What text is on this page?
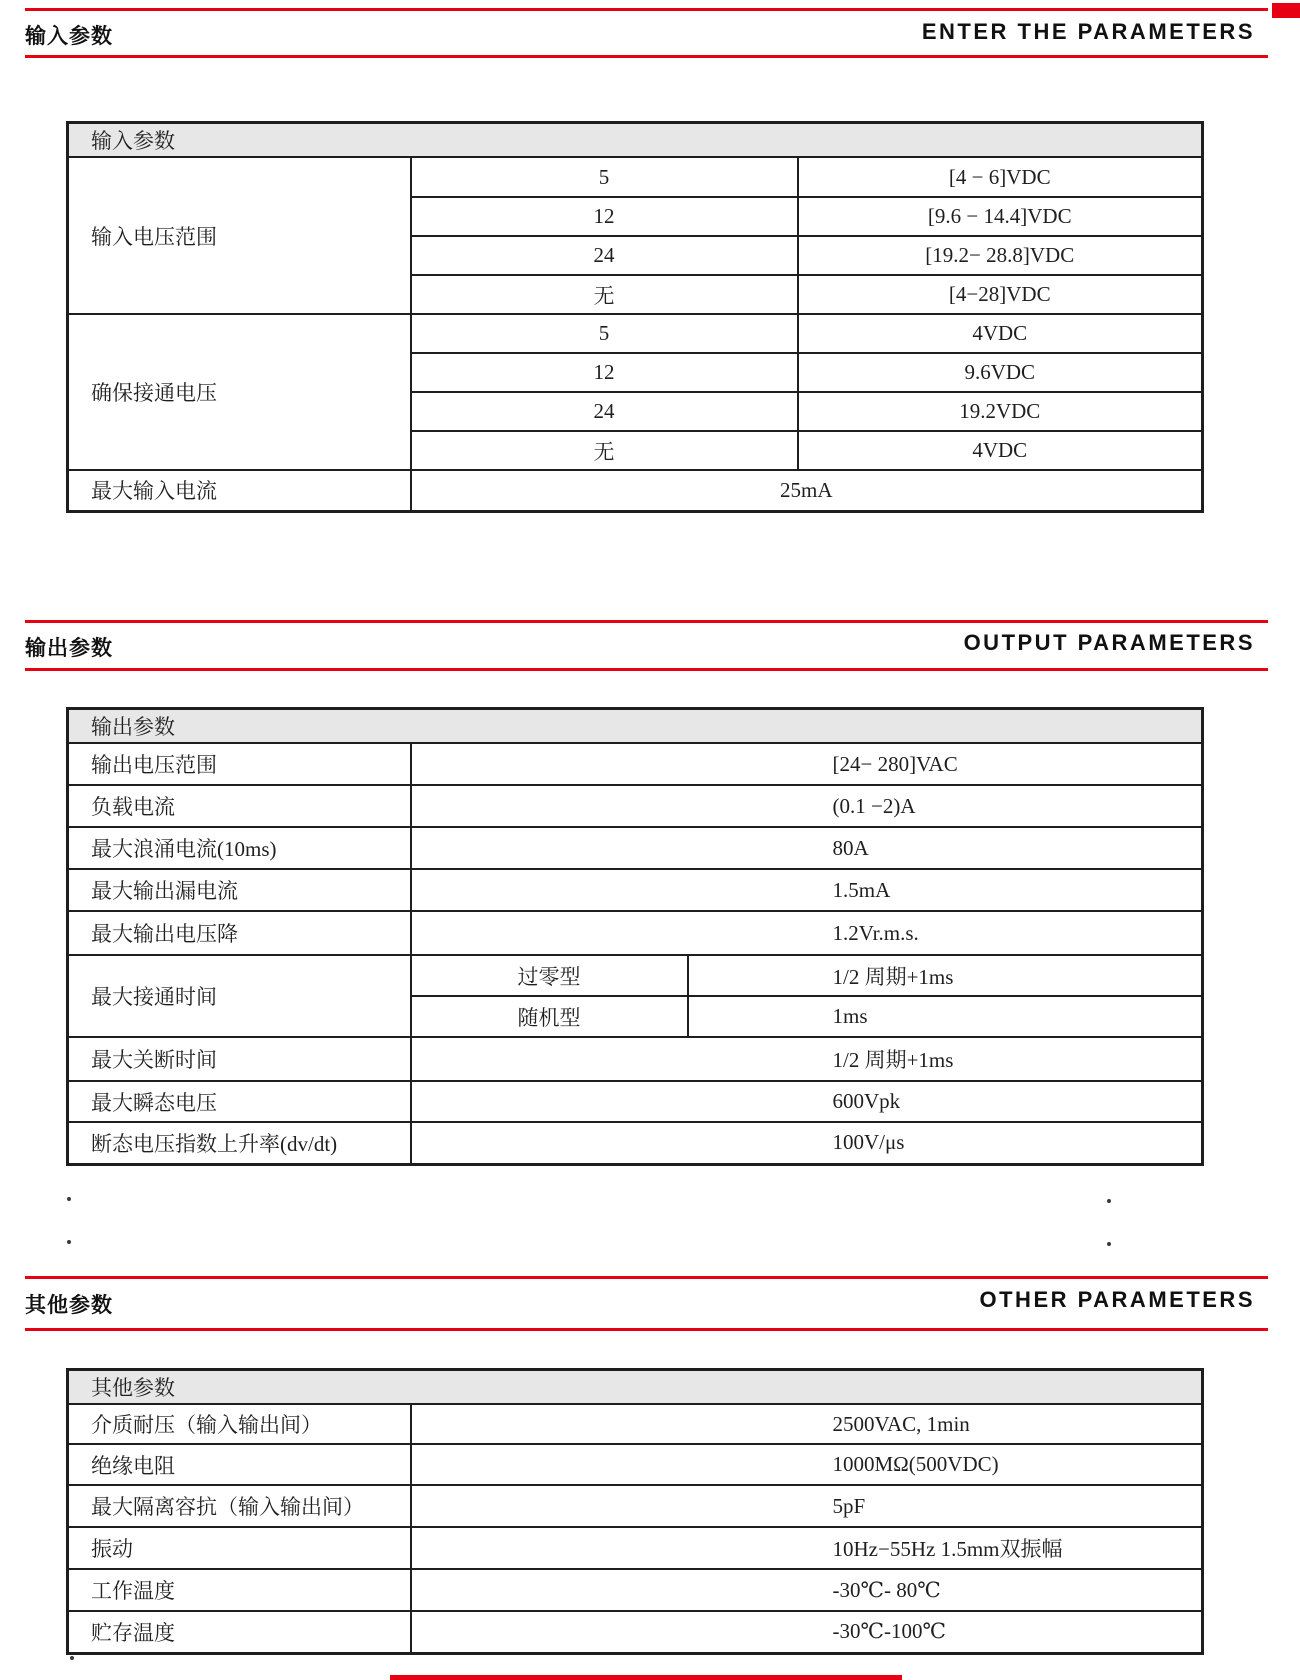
输入参数	ENTER THE PARAMETERS
输入参数		
输入电压范围	5	[4 − 6]VDC
	12	[9.6 − 14.4]VDC
	24	[19.2− 28.8]VDC
	无	[4−28]VDC
确保接通电压	5	4VDC
	12	9.6VDC
	24	19.2VDC
	无	4VDC
最大输入电流	25mA	
输出参数	OUTPUT PARAMETERS
输出参数		
输出电压范围	[24− 280]VAC	
负载电流	(0.1 −2)A	
最大浪涌电流(10ms)	80A	
最大输出漏电流	1.5mA	
最大输出电压降	1.2Vr.m.s.	
最大接通时间	过零型	1/2 周期+1ms
	随机型	1ms
最大关断时间	1/2 周期+1ms	
最大瞬态电压	600Vpk	
断态电压指数上升率(dv/dt)	100V/μs	
其他参数	OTHER PARAMETERS
其他参数	
介质耐压（输入输出间）	2500VAC, 1min
绝缘电阻	1000MΩ(500VDC)
最大隔离容抗（输入输出间）	5pF
振动	10Hz−55Hz 1.5mm双振幅
工作温度	-30℃- 80℃
贮存温度	-30℃-100℃
